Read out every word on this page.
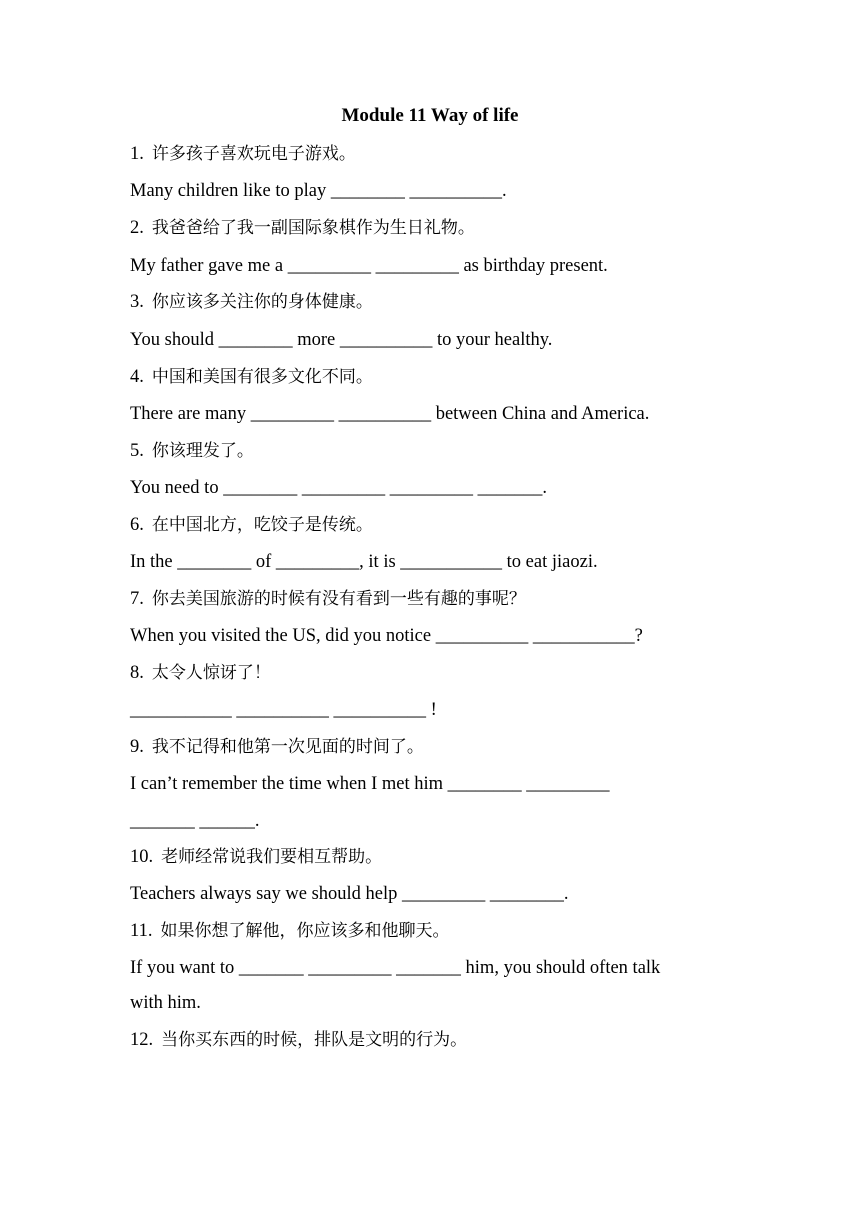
Module 11 Way of life
1. 许多孩子喜欢玩电子游戏。
Many children like to play ________ __________.
2. 我爸爸给了我一副国际象棋作为生日礼物。
My father gave me a _________ _________ as birthday present.
3. 你应该多关注你的身体健康。
You should ________ more __________ to your healthy.
4. 中国和美国有很多文化不同。
There are many _________ __________ between China and America.
5. 你该理发了。
You need to ________ _________ _________ _______.
6. 在中国北方，吃饺子是传统。
In the ________ of _________, it is ___________ to eat jiaozi.
7. 你去美国旅游的时候有没有看到一些有趣的事呢？
When you visited the US, did you notice __________ ___________?
8. 太令人惊讶了！
___________ __________ __________ !
9. 我不记得和他第一次见面的时间了。
I can’t remember the time when I met him ________ _________
_______ ______.
10. 老师经常说我们要相互帮助。
Teachers always say we should help _________ ________.
11. 如果你想了解他，你应该多和他聊天。
If you want to _______ _________ _______ him, you should often talk
with him.
12. 当你买东西的时候，排队是文明的行为。
